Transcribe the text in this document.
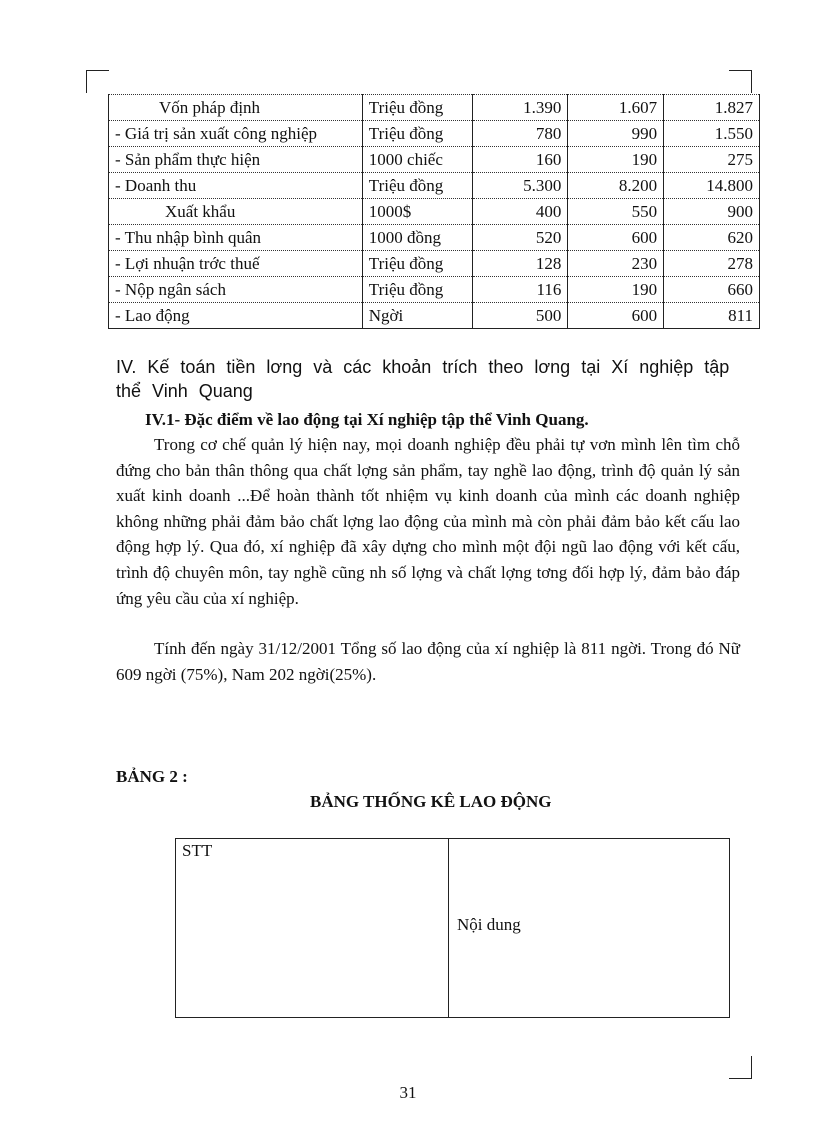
Vốn pháp định	Triệu đồng	1.390	1.607	1.827
- Giá trị sản xuất công nghiệp	Triệu đồng	780	990	1.550
- Sản phẩm thực hiện	1000 chiếc	160	190	275
- Doanh thu	Triệu đồng	5.300	8.200	14.800
Xuất khẩu	1000$	400	550	900
- Thu nhập bình quân	1000 đồng	520	600	620
- Lợi nhuận trớc thuế	Triệu đồng	128	230	278
- Nộp ngân sách	Triệu đồng	116	190	660
- Lao động	Ngời	500	600	811
IV. Kế toán tiền lơng và các khoản trích theo lơng tại Xí nghiệp tập thể Vinh Quang
IV.1- Đặc điểm về lao động tại Xí nghiệp tập thể Vinh Quang.

Trong cơ chế quản lý hiện nay, mọi doanh nghiệp đều phải tự vơn mình lên tìm chỗ đứng cho bản thân thông qua chất lợng sản phẩm, tay nghề lao động, trình độ quản lý sản xuất kinh doanh ...Để hoàn thành tốt nhiệm vụ kinh doanh của mình các doanh nghiệp không những phải đảm bảo chất lợng lao động của mình mà còn phải đảm bảo kết cấu lao động hợp lý. Qua đó, xí nghiệp đã xây dựng cho mình một đội ngũ lao động với kết cấu, trình độ chuyên môn, tay nghề cũng nh số lợng và chất lợng tơng đối hợp lý, đảm bảo đáp ứng yêu cầu của xí nghiệp.

Tính đến ngày 31/12/2001 Tổng số lao động của xí nghiệp là 811 ngời. Trong đó Nữ 609 ngời (75%), Nam 202 ngời(25%).

BẢNG 2 :
BẢNG THỐNG KÊ LAO ĐỘNG
STT	Nội dung
31
